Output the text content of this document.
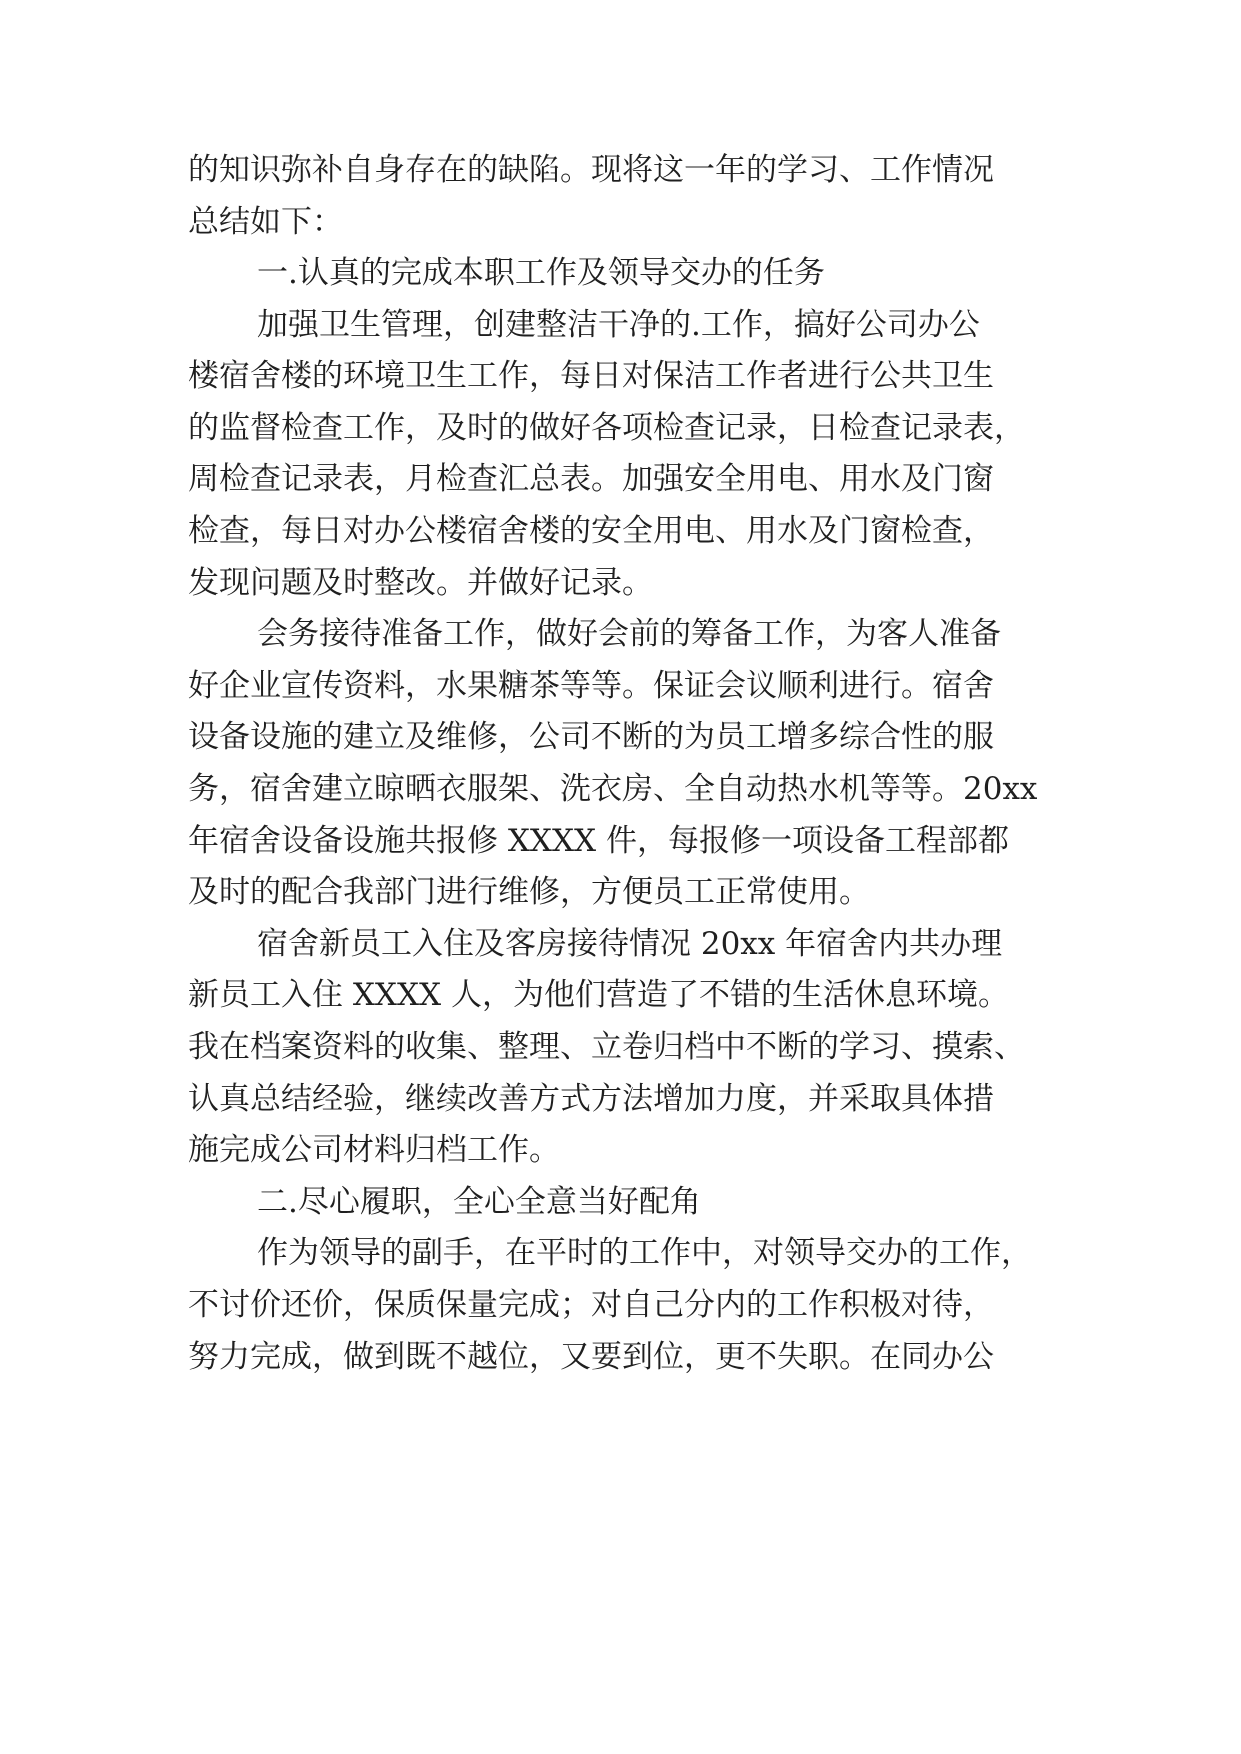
的知识弥补自身存在的缺陷。现将这一年的学习、工作情况
总结如下：
一.认真的完成本职工作及领导交办的任务
加强卫生管理，创建整洁干净的.工作，搞好公司办公
楼宿舍楼的环境卫生工作，每日对保洁工作者进行公共卫生
的监督检查工作，及时的做好各项检查记录，日检查记录表，
周检查记录表，月检查汇总表。加强安全用电、用水及门窗
检查，每日对办公楼宿舍楼的安全用电、用水及门窗检查，
发现问题及时整改。并做好记录。
会务接待准备工作，做好会前的筹备工作，为客人准备
好企业宣传资料，水果糖茶等等。保证会议顺利进行。宿舍
设备设施的建立及维修，公司不断的为员工增多综合性的服
务，宿舍建立晾晒衣服架、洗衣房、全自动热水机等等。20xx
年宿舍设备设施共报修 XXXX 件，每报修一项设备工程部都
及时的配合我部门进行维修，方便员工正常使用。
宿舍新员工入住及客房接待情况 20xx 年宿舍内共办理
新员工入住 XXXX 人，为他们营造了不错的生活休息环境。
我在档案资料的收集、整理、立卷归档中不断的学习、摸索、
认真总结经验，继续改善方式方法增加力度，并采取具体措
施完成公司材料归档工作。
二.尽心履职，全心全意当好配角
作为领导的副手，在平时的工作中，对领导交办的工作，
不讨价还价，保质保量完成；对自己分内的工作积极对待，
努力完成，做到既不越位，又要到位，更不失职。在同办公
